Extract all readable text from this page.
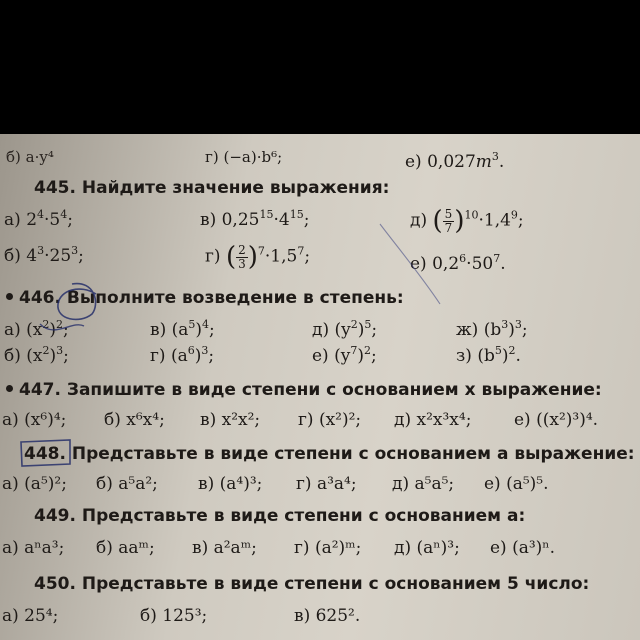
б) a·y⁴	г) (−a)·b⁶;	е) $0,027m^3$.
445. Найдите значение выражения:
а) $2^4\cdot 5^4$;	в) $0,25^{15}\cdot 4^{15}$;	д) ( $\frac{5}{7} )^{10}\cdot 1,4^9$;
б) $4^3\cdot 25^3$;	г) ( $\frac{2}{3} )^7\cdot 1,5^7$;	е) $0,2^6\cdot 50^7$.
446. Выполните возведение в степень:
а) $(x^2)^2$;	в) $(a^5)^4$;	д) $(y^2)^5$;	ж) $(b^3)^3$;
б) $(x^2)^3$;	г) $(a^6)^3$;	е) $(y^7)^2$;	з) $(b^5)^2$.
447. Запишите в виде степени с основанием x выражение:
а) (x⁶)⁴; б) x⁶x⁴; в) x²x²; г) (x²)²; д) x²x³x⁴;	е) ((x²)³)⁴.
448. Представьте в виде степени с основанием a выражение:
а) (a⁵)²; б) a⁵a²; в) (a⁴)³; г) a³a⁴; д) a⁵a⁵; е) (a⁵)⁵.
449. Представьте в виде степени с основанием a:
а) aⁿa³; б) aaᵐ; в) a²aᵐ; г) (a²)ᵐ; д) (aⁿ)³; е) (a³)ⁿ.
450. Представьте в виде степени с основанием 5 число:
а) 25⁴;	б) 125³;	в) 625².
